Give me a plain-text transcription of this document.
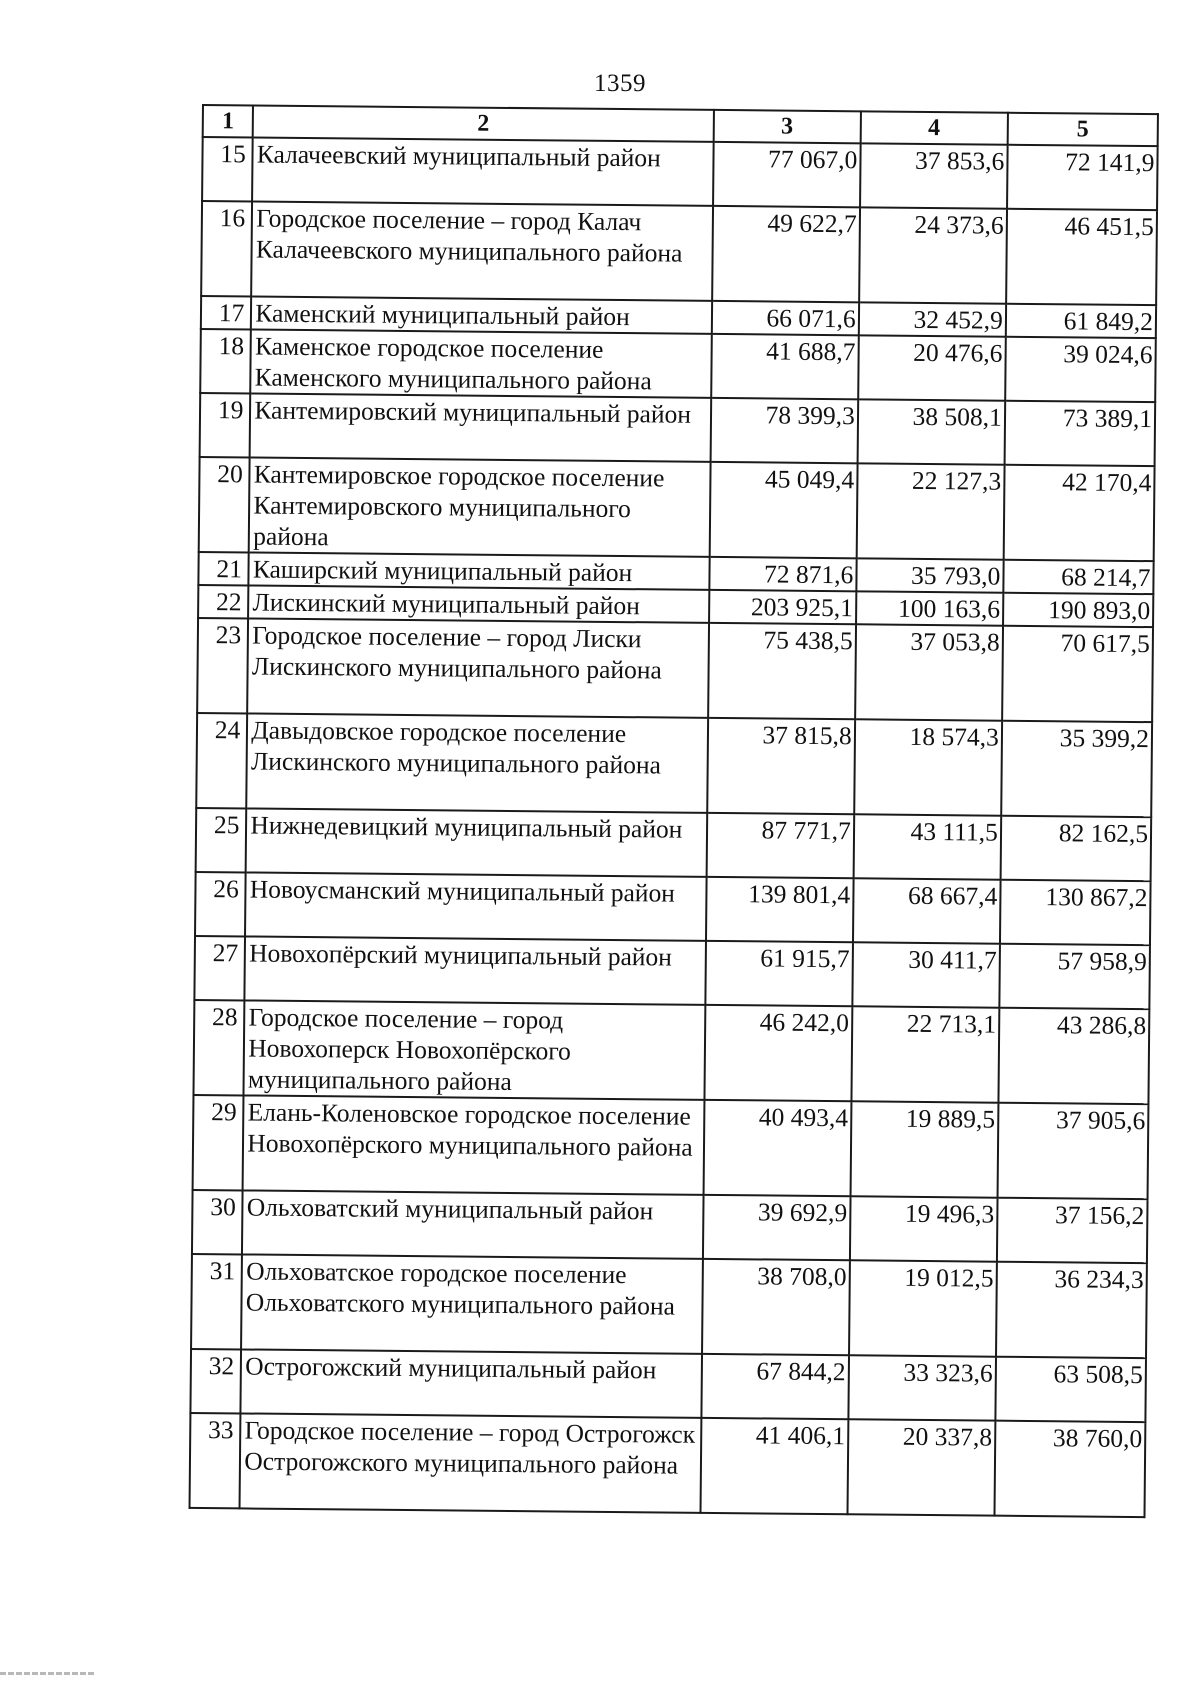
1359
1	2	3	4	5
15	Калачеевский муниципальный район	77 067,0	37 853,6	72 141,9
16	Городское поселение – город Калач Калачеевского муниципального района	49 622,7	24 373,6	46 451,5
17	Каменский муниципальный район	66 071,6	32 452,9	61 849,2
18	Каменское городское поселение Каменского муниципального района	41 688,7	20 476,6	39 024,6
19	Кантемировский муниципальный район	78 399,3	38 508,1	73 389,1
20	Кантемировское городское поселение Кантемировского муниципального района	45 049,4	22 127,3	42 170,4
21	Каширский муниципальный район	72 871,6	35 793,0	68 214,7
22	Лискинский муниципальный район	203 925,1	100 163,6	190 893,0
23	Городское поселение – город Лиски Лискинского муниципального района	75 438,5	37 053,8	70 617,5
24	Давыдовское городское поселение Лискинского муниципального района	37 815,8	18 574,3	35 399,2
25	Нижнедевицкий муниципальный район	87 771,7	43 111,5	82 162,5
26	Новоусманский муниципальный район	139 801,4	68 667,4	130 867,2
27	Новохопёрский муниципальный район	61 915,7	30 411,7	57 958,9
28	Городское поселение – город Новохоперск Новохопёрского муниципального района	46 242,0	22 713,1	43 286,8
29	Елань-Коленовское городское поселение Новохопёрского муниципального района	40 493,4	19 889,5	37 905,6
30	Ольховатский муниципальный район	39 692,9	19 496,3	37 156,2
31	Ольховатское городское поселение Ольховатского муниципального района	38 708,0	19 012,5	36 234,3
32	Острогожский муниципальный район	67 844,2	33 323,6	63 508,5
33	Городское поселение – город Острогожск Острогожского муниципального района	41 406,1	20 337,8	38 760,0
